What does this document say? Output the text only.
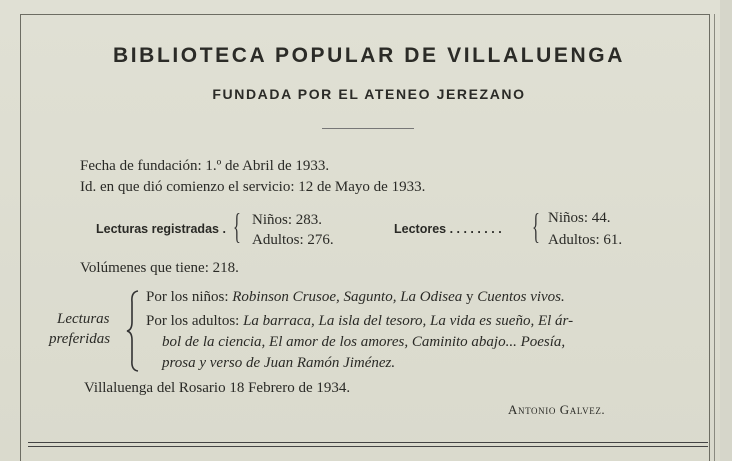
BIBLIOTECA POPULAR DE VILLALUENGA
FUNDADA POR EL ATENEO JEREZANO
Fecha de fundación: 1.º de Abril de 1933.
Id. en que dió comienzo el servicio: 12 de Mayo de 1933.
Lecturas registradas . { Niños: 283.
Adultos: 276.
Lectores . . . . . . . . { Niños: 44.
Adultos: 61.
Volúmenes que tiene: 218.
Lecturas
preferidas
Por los niños: Robinson Crusoe, Sagunto, La Odisea y Cuentos vivos.
Por los adultos: La barraca, La isla del tesoro, La vida es sueño, El ár-
bol de la ciencia, El amor de los amores, Caminito abajo... Poesía,
prosa y verso de Juan Ramón Jiménez.
Villaluenga del Rosario 18 Febrero de 1934.
Antonio Galvez.
